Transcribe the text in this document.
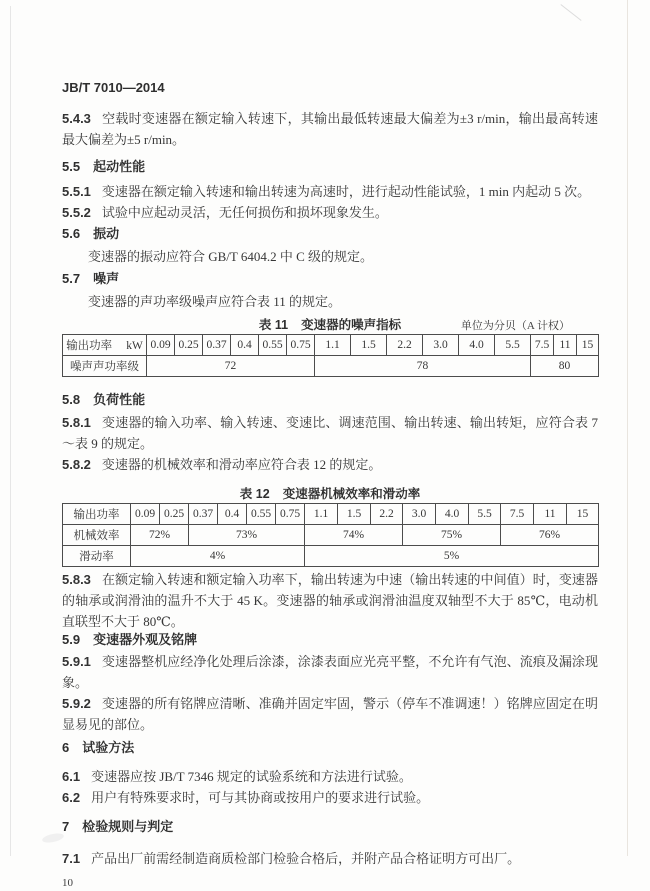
JB/T 7010—2014

5.4.3 空载时变速器在额定输入转速下，其输出最低转速最大偏差为±3 r/min，输出最高转速最大偏差为±5 r/min。

5.5 起动性能

5.5.1 变速器在额定输入转速和输出转速为高速时，进行起动性能试验，1 min 内起动 5 次。

5.5.2 试验中应起动灵活，无任何损伤和损坏现象发生。

5.6 振动

变速器的振动应符合 GB/T 6404.2 中 C 级的规定。

5.7 噪声

变速器的声功率级噪声应符合表 11 的规定。

表 11 变速器的噪声指标	单位为分贝（A 计权）
输出功率 kW	0.09	0.25	0.37	0.4	0.55	0.75	1.1	1.5	2.2	3.0	4.0	5.5	7.5	11	15
噪声声功率级	72						78						80		
5.8 负荷性能

5.8.1 变速器的输入功率、输入转速、变速比、调速范围、输出转速、输出转矩，应符合表 7～表 9 的规定。

5.8.2 变速器的机械效率和滑动率应符合表 12 的规定。

表 12 变速器机械效率和滑动率
输出功率	0.09	0.25	0.37	0.4	0.55	0.75	1.1	1.5	2.2	3.0	4.0	5.5	7.5	11	15
机械效率	72%		73%				74%			75%			76%		
滑动率	4%						5%								

5.8.3 在额定输入转速和额定输入功率下，输出转速为中速（输出转速的中间值）时，变速器的轴承或润滑油的温升不大于 45 K。变速器的轴承或润滑油温度双轴型不大于 85℃，电动机直联型不大于 80℃。

5.9 变速器外观及铭牌

5.9.1 变速器整机应经净化处理后涂漆，涂漆表面应光亮平整，不允许有气泡、流痕及漏涂现象。

5.9.2 变速器的所有铭牌应清晰、准确并固定牢固，警示（停车不准调速！）铭牌应固定在明显易见的部位。

6 试验方法

6.1 变速器应按 JB/T 7346 规定的试验系统和方法进行试验。

6.2 用户有特殊要求时，可与其协商或按用户的要求进行试验。

7 检验规则与判定

7.1 产品出厂前需经制造商质检部门检验合格后，并附产品合格证明方可出厂。

10
